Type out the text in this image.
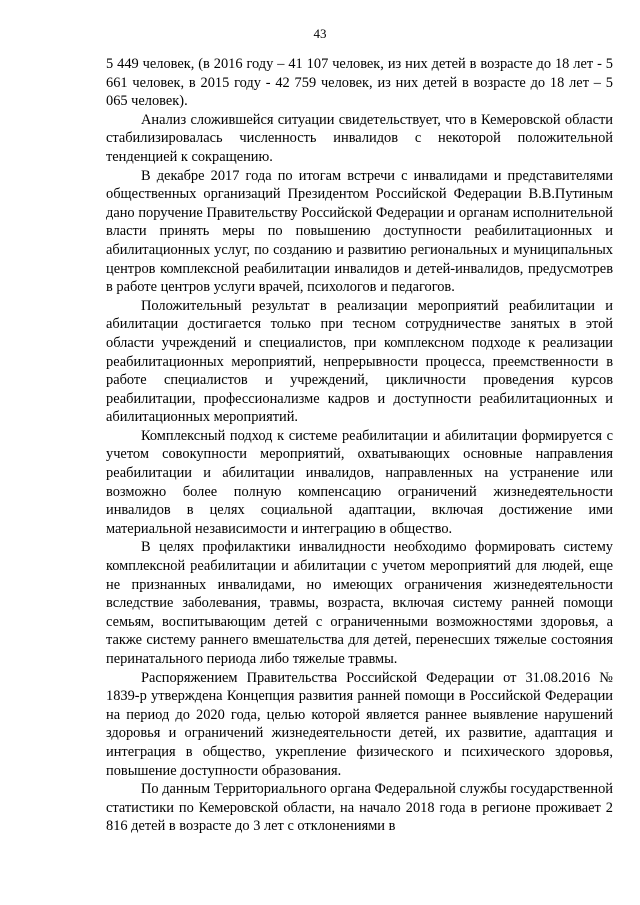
43

5 449 человек, (в 2016 году – 41 107 человек, из них детей в возрасте до 18 лет - 5 661 человек, в 2015 году - 42 759 человек, из них детей в возрасте до 18 лет – 5 065 человек).

Анализ сложившейся ситуации свидетельствует, что в Кемеровской области стабилизировалась численность инвалидов с некоторой положительной тенденцией к сокращению.

В декабре 2017 года по итогам встречи с инвалидами и представителями общественных организаций Президентом Российской Федерации В.В.Путиным дано поручение Правительству Российской Федерации и органам исполнительной власти принять меры по повышению доступности реабилитационных и абилитационных услуг, по созданию и развитию региональных и муниципальных центров комплексной реабилитации инвалидов и детей-инвалидов, предусмотрев в работе центров услуги врачей, психологов и педагогов.

Положительный результат в реализации мероприятий реабилитации и абилитации достигается только при тесном сотрудничестве занятых в этой области учреждений и специалистов, при комплексном подходе к реализации реабилитационных мероприятий, непрерывности процесса, преемственности в работе специалистов и учреждений, цикличности проведения курсов реабилитации, профессионализме кадров и доступности реабилитационных и абилитационных мероприятий.

Комплексный подход к системе реабилитации и абилитации формируется с учетом совокупности мероприятий, охватывающих основные направления реабилитации и абилитации инвалидов, направленных на устранение или возможно более полную компенсацию ограничений жизнедеятельности инвалидов в целях социальной адаптации, включая достижение ими материальной независимости и интеграцию в общество.

В целях профилактики инвалидности необходимо формировать систему комплексной реабилитации и абилитации с учетом мероприятий для людей, еще не признанных инвалидами, но имеющих ограничения жизнедеятельности вследствие заболевания, травмы, возраста, включая систему ранней помощи семьям, воспитывающим детей с ограниченными возможностями здоровья, а также систему раннего вмешательства для детей, перенесших тяжелые состояния перинатального периода либо тяжелые травмы.

Распоряжением Правительства Российской Федерации от 31.08.2016 № 1839-р утверждена Концепция развития ранней помощи в Российской Федерации на период до 2020 года, целью которой является раннее выявление нарушений здоровья и ограничений жизнедеятельности детей, их развитие, адаптация и интеграция в общество, укрепление физического и психического здоровья, повышение доступности образования.

По данным Территориального органа Федеральной службы государственной статистики по Кемеровской области, на начало 2018 года в регионе проживает 2 816 детей в возрасте до 3 лет с отклонениями в
